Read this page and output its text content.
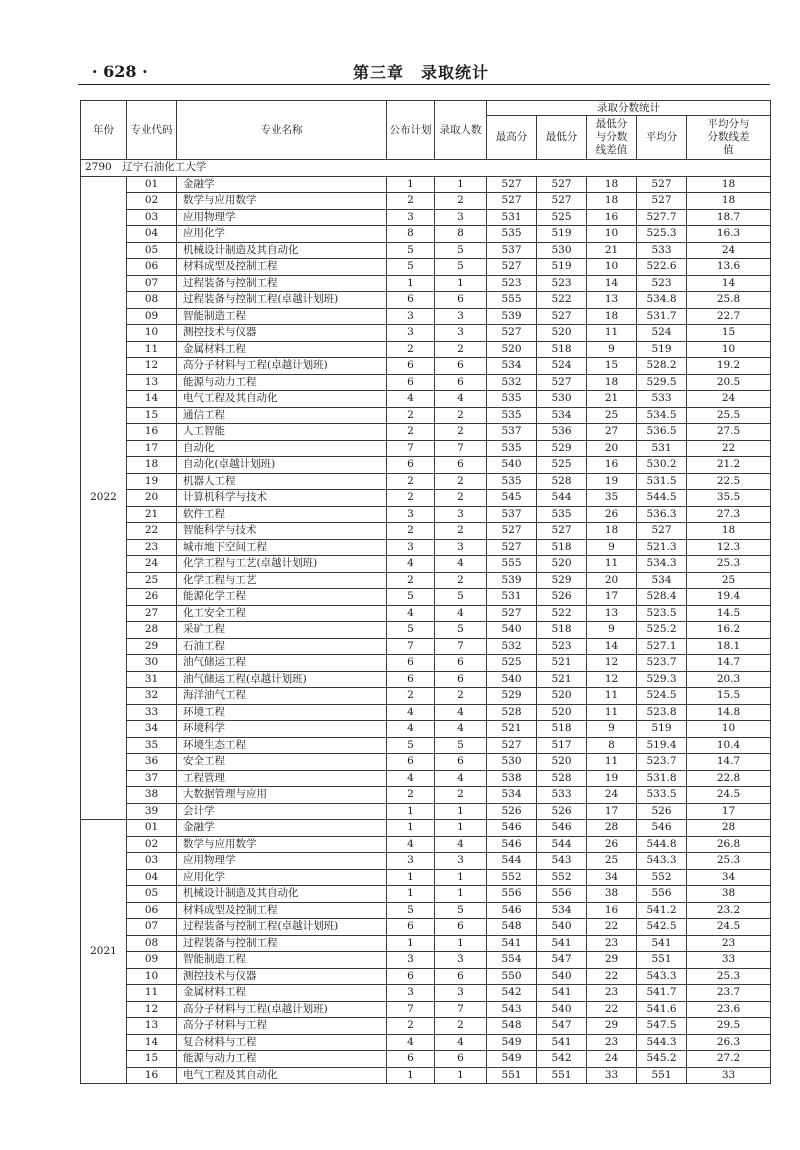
· 628 ·	第三章　录取统计
年份	专业代码	专业名称	公布计划	录取人数	录取分数统计				
					最高分	最低分	最低分与分数线差值	平均分	平均分与分数线差值
2790　辽宁石油化工大学									
2022	01	金融学	1	1	527	527	18	527	18
	02	数学与应用数学	2	2	527	527	18	527	18
	03	应用物理学	3	3	531	525	16	527.7	18.7
	04	应用化学	8	8	535	519	10	525.3	16.3
	05	机械设计制造及其自动化	5	5	537	530	21	533	24
	06	材料成型及控制工程	5	5	527	519	10	522.6	13.6
	07	过程装备与控制工程	1	1	523	523	14	523	14
	08	过程装备与控制工程(卓越计划班)	6	6	555	522	13	534.8	25.8
	09	智能制造工程	3	3	539	527	18	531.7	22.7
	10	测控技术与仪器	3	3	527	520	11	524	15
	11	金属材料工程	2	2	520	518	9	519	10
	12	高分子材料与工程(卓越计划班)	6	6	534	524	15	528.2	19.2
	13	能源与动力工程	6	6	532	527	18	529.5	20.5
	14	电气工程及其自动化	4	4	535	530	21	533	24
	15	通信工程	2	2	535	534	25	534.5	25.5
	16	人工智能	2	2	537	536	27	536.5	27.5
	17	自动化	7	7	535	529	20	531	22
	18	自动化(卓越计划班)	6	6	540	525	16	530.2	21.2
	19	机器人工程	2	2	535	528	19	531.5	22.5
	20	计算机科学与技术	2	2	545	544	35	544.5	35.5
	21	软件工程	3	3	537	535	26	536.3	27.3
	22	智能科学与技术	2	2	527	527	18	527	18
	23	城市地下空间工程	3	3	527	518	9	521.3	12.3
	24	化学工程与工艺(卓越计划班)	4	4	555	520	11	534.3	25.3
	25	化学工程与工艺	2	2	539	529	20	534	25
	26	能源化学工程	5	5	531	526	17	528.4	19.4
	27	化工安全工程	4	4	527	522	13	523.5	14.5
	28	采矿工程	5	5	540	518	9	525.2	16.2
	29	石油工程	7	7	532	523	14	527.1	18.1
	30	油气储运工程	6	6	525	521	12	523.7	14.7
	31	油气储运工程(卓越计划班)	6	6	540	521	12	529.3	20.3
	32	海洋油气工程	2	2	529	520	11	524.5	15.5
	33	环境工程	4	4	528	520	11	523.8	14.8
	34	环境科学	4	4	521	518	9	519	10
	35	环境生态工程	5	5	527	517	8	519.4	10.4
	36	安全工程	6	6	530	520	11	523.7	14.7
	37	工程管理	4	4	538	528	19	531.8	22.8
	38	大数据管理与应用	2	2	534	533	24	533.5	24.5
	39	会计学	1	1	526	526	17	526	17
2021	01	金融学	1	1	546	546	28	546	28
	02	数学与应用数学	4	4	546	544	26	544.8	26.8
	03	应用物理学	3	3	544	543	25	543.3	25.3
	04	应用化学	1	1	552	552	34	552	34
	05	机械设计制造及其自动化	1	1	556	556	38	556	38
	06	材料成型及控制工程	5	5	546	534	16	541.2	23.2
	07	过程装备与控制工程(卓越计划班)	6	6	548	540	22	542.5	24.5
	08	过程装备与控制工程	1	1	541	541	23	541	23
	09	智能制造工程	3	3	554	547	29	551	33
	10	测控技术与仪器	6	6	550	540	22	543.3	25.3
	11	金属材料工程	3	3	542	541	23	541.7	23.7
	12	高分子材料与工程(卓越计划班)	7	7	543	540	22	541.6	23.6
	13	高分子材料与工程	2	2	548	547	29	547.5	29.5
	14	复合材料与工程	4	4	549	541	23	544.3	26.3
	15	能源与动力工程	6	6	549	542	24	545.2	27.2
	16	电气工程及其自动化	1	1	551	551	33	551	33
